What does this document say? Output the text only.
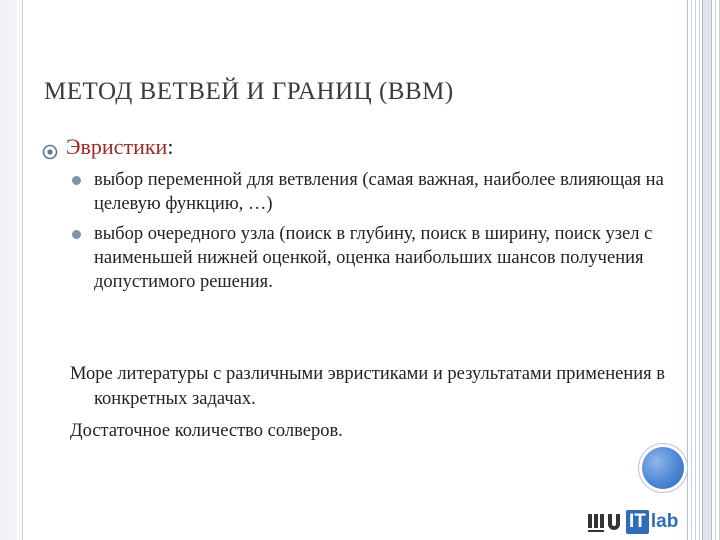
МЕТОД ВЕТВЕЙ И ГРАНИЦ (ВВМ)
Эвристики:
выбор переменной для ветвления (самая важная, наиболее влияющая на целевую функцию, …)
выбор очередного узла (поиск в глубину, поиск в ширину, поиск узел с наименьшей нижней оценкой, оценка наибольших шансов получения допустимого решения.
Море литературы с различными эвристиками и результатами применения в конкретных задачах.
Достаточное количество солверов.
IT lab
